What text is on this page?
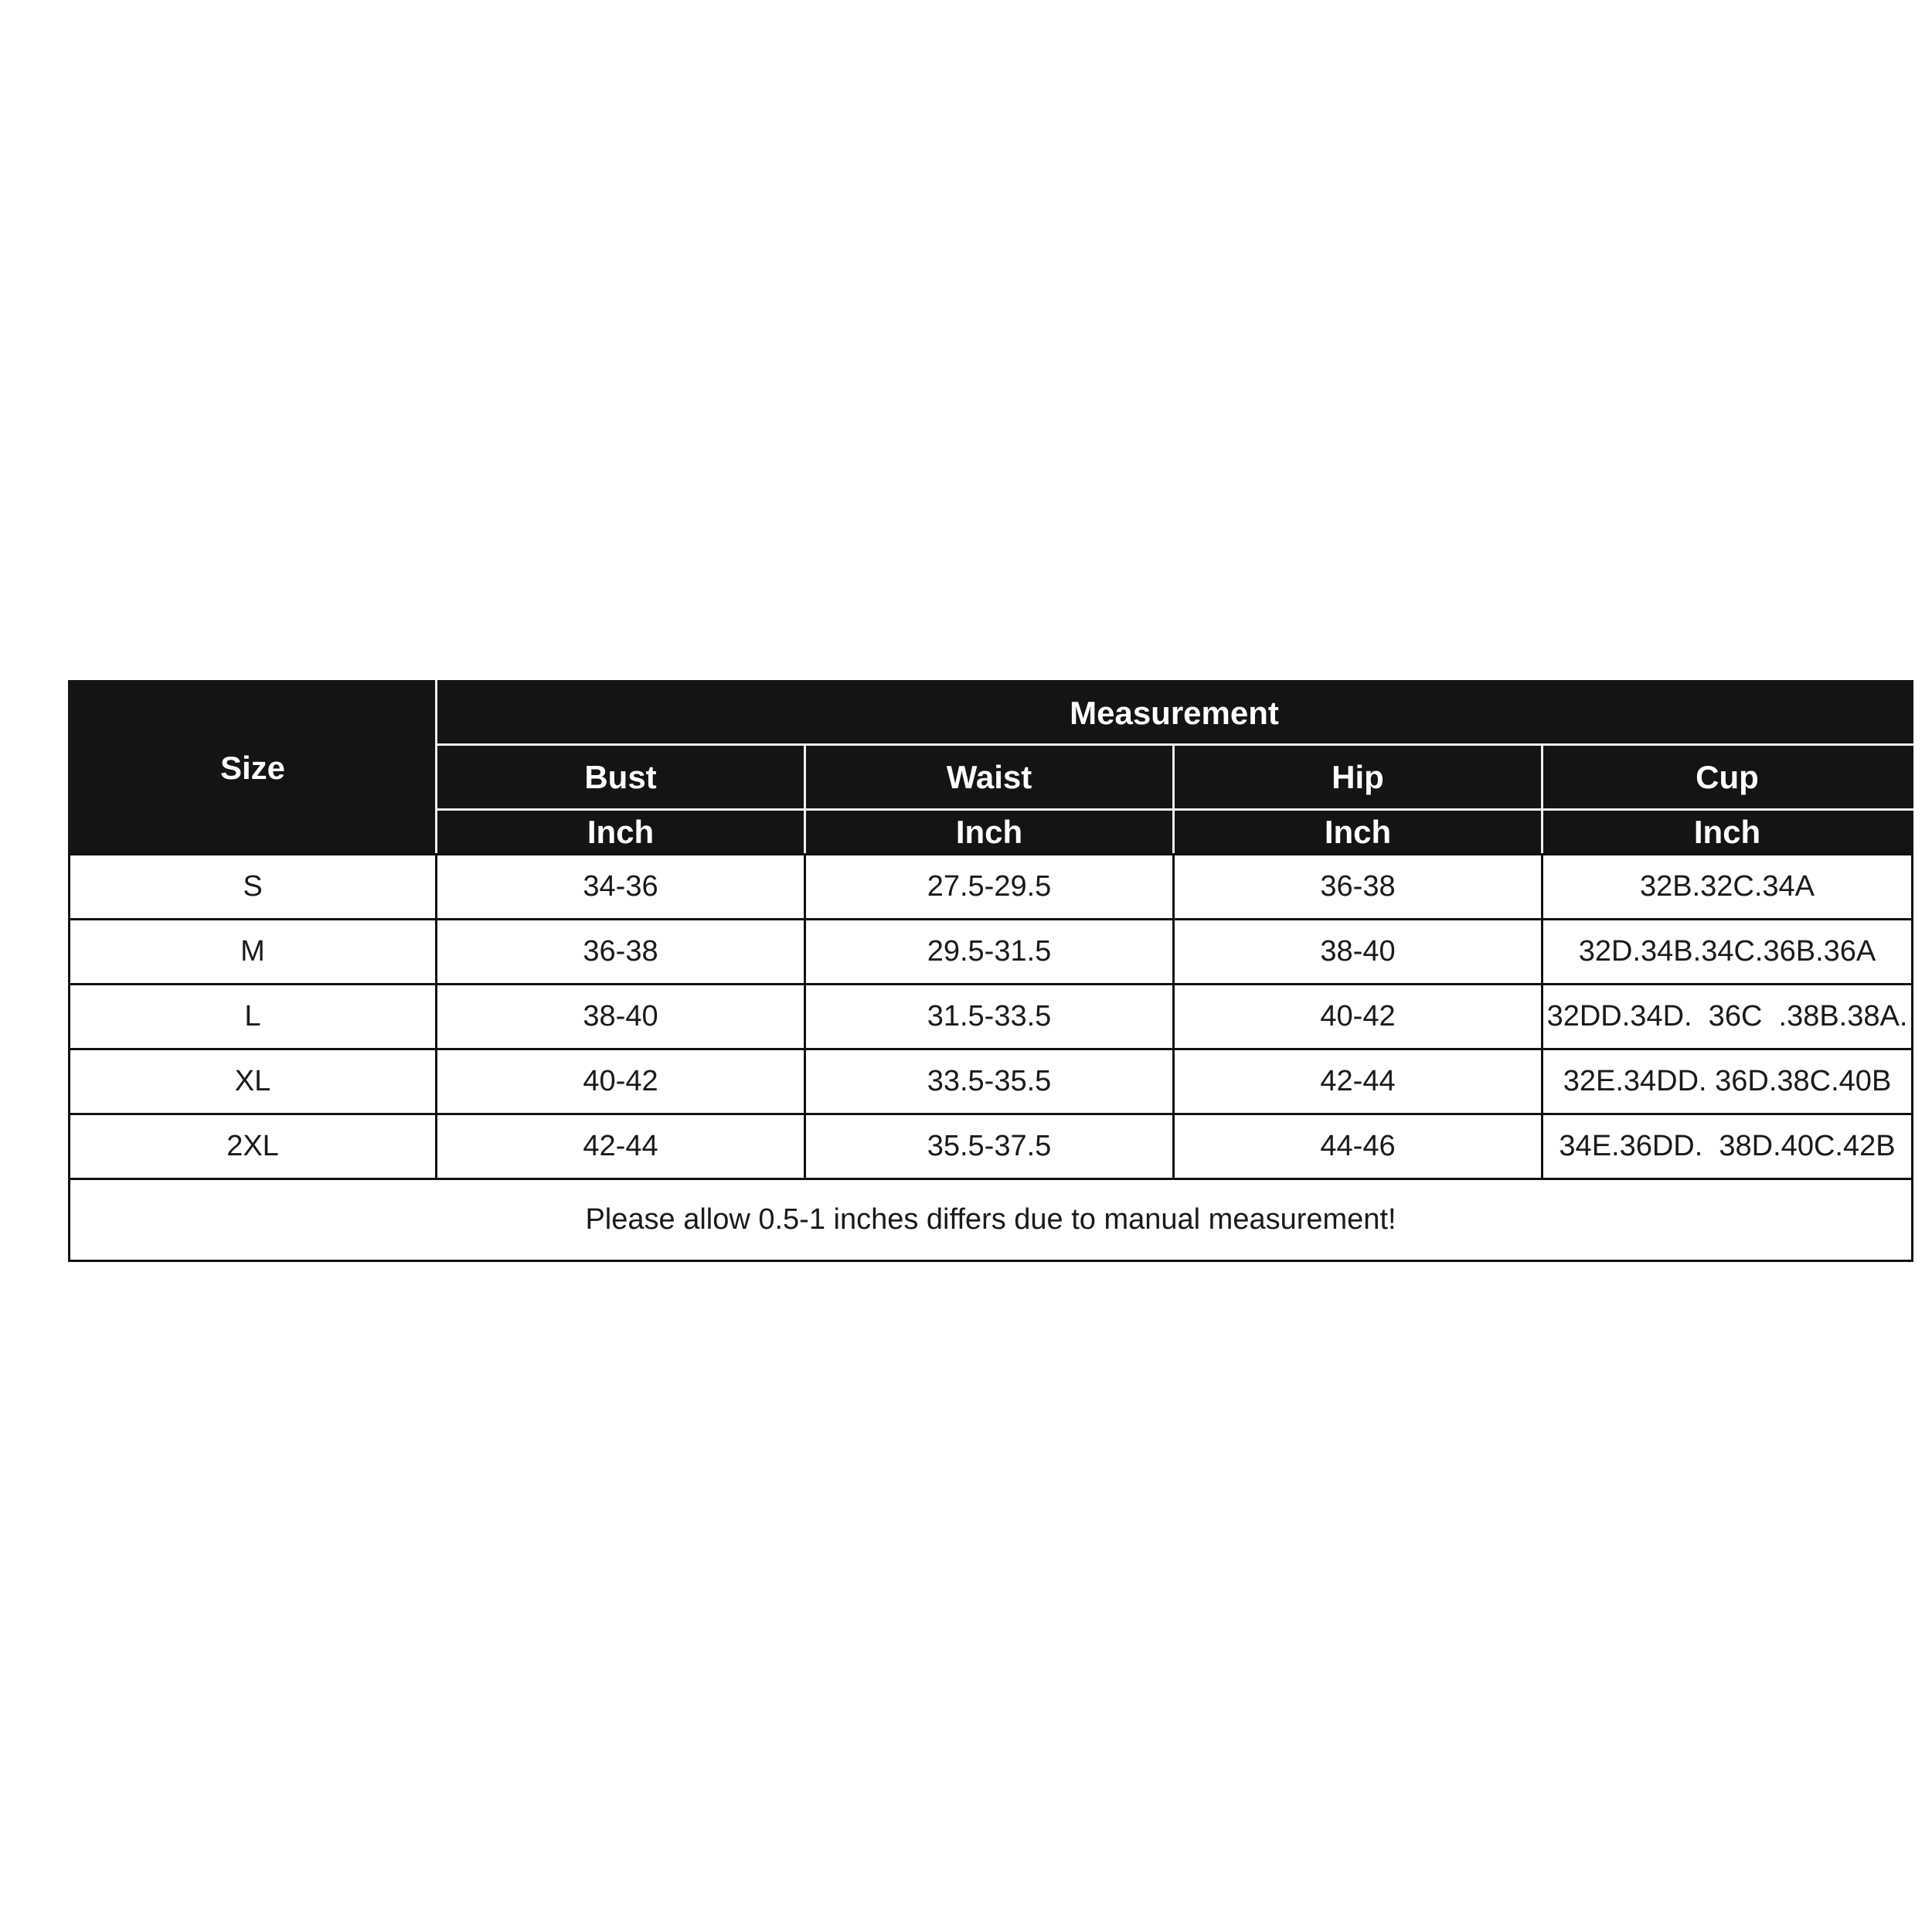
Size	Measurement			
	Bust	Waist	Hip	Cup
	Inch	Inch	Inch	Inch
S	34-36	27.5-29.5	36-38	32B.32C.34A
M	36-38	29.5-31.5	38-40	32D.34B.34C.36B.36A
L	38-40	31.5-33.5	40-42	32DD.34D.  36C  .38B.38A.
XL	40-42	33.5-35.5	42-44	32E.34DD. 36D.38C.40B
2XL	42-44	35.5-37.5	44-46	34E.36DD.  38D.40C.42B
Please allow 0.5-1 inches differs due to manual measurement!				
